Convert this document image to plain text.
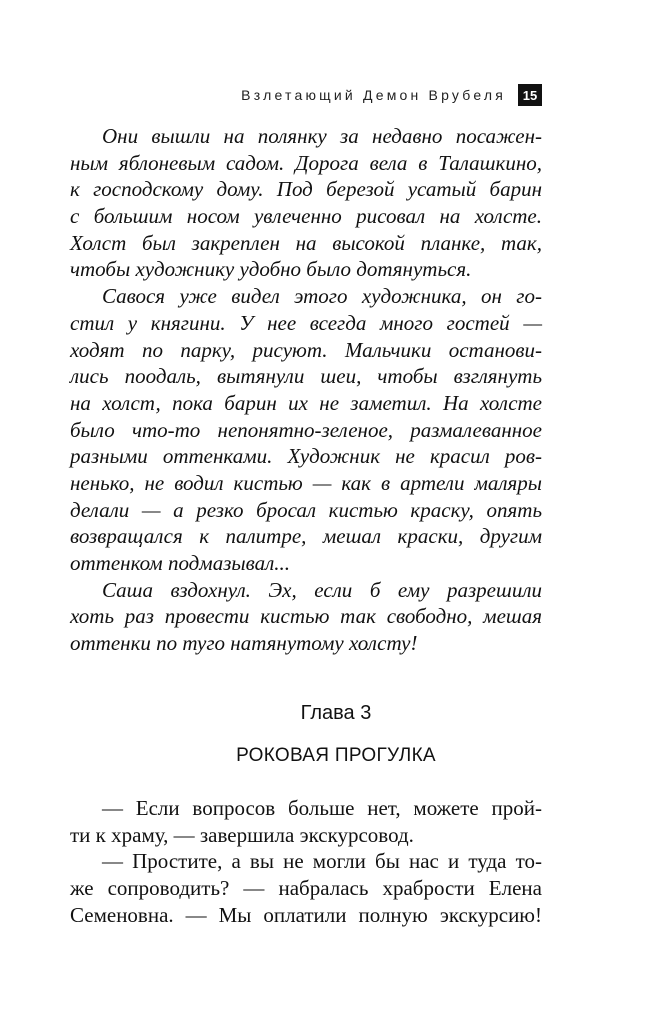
Взлетающий Демон Врубеля	15
Они вышли на полянку за недавно посажен-
ным яблоневым садом. Дорога вела в Талашкино,
к господскому дому. Под березой усатый барин
с большим носом увлеченно рисовал на холсте.
Холст был закреплен на высокой планке, так,
чтобы художнику удобно было дотянуться.
Савося уже видел этого художника, он го-
стил у княгини. У нее всегда много гостей —
ходят по парку, рисуют. Мальчики останови-
лись поодаль, вытянули шеи, чтобы взглянуть
на холст, пока барин их не заметил. На холсте
было что-то непонятно-зеленое, размалеванное
разными оттенками. Художник не красил ров-
ненько, не водил кистью — как в артели маляры
делали — а резко бросал кистью краску, опять
возвращался к палитре, мешал краски, другим
оттенком подмазывал...
Саша вздохнул. Эх, если б ему разрешили
хоть раз провести кистью так свободно, мешая
оттенки по туго натянутому холсту!
Глава 3
РОКОВАЯ ПРОГУЛКА
— Если вопросов больше нет, можете прой-
ти к храму, — завершила экскурсовод.
— Простите, а вы не могли бы нас и туда то-
же сопроводить? — набралась храбрости Елена
Семеновна. — Мы оплатили полную экскурсию!
